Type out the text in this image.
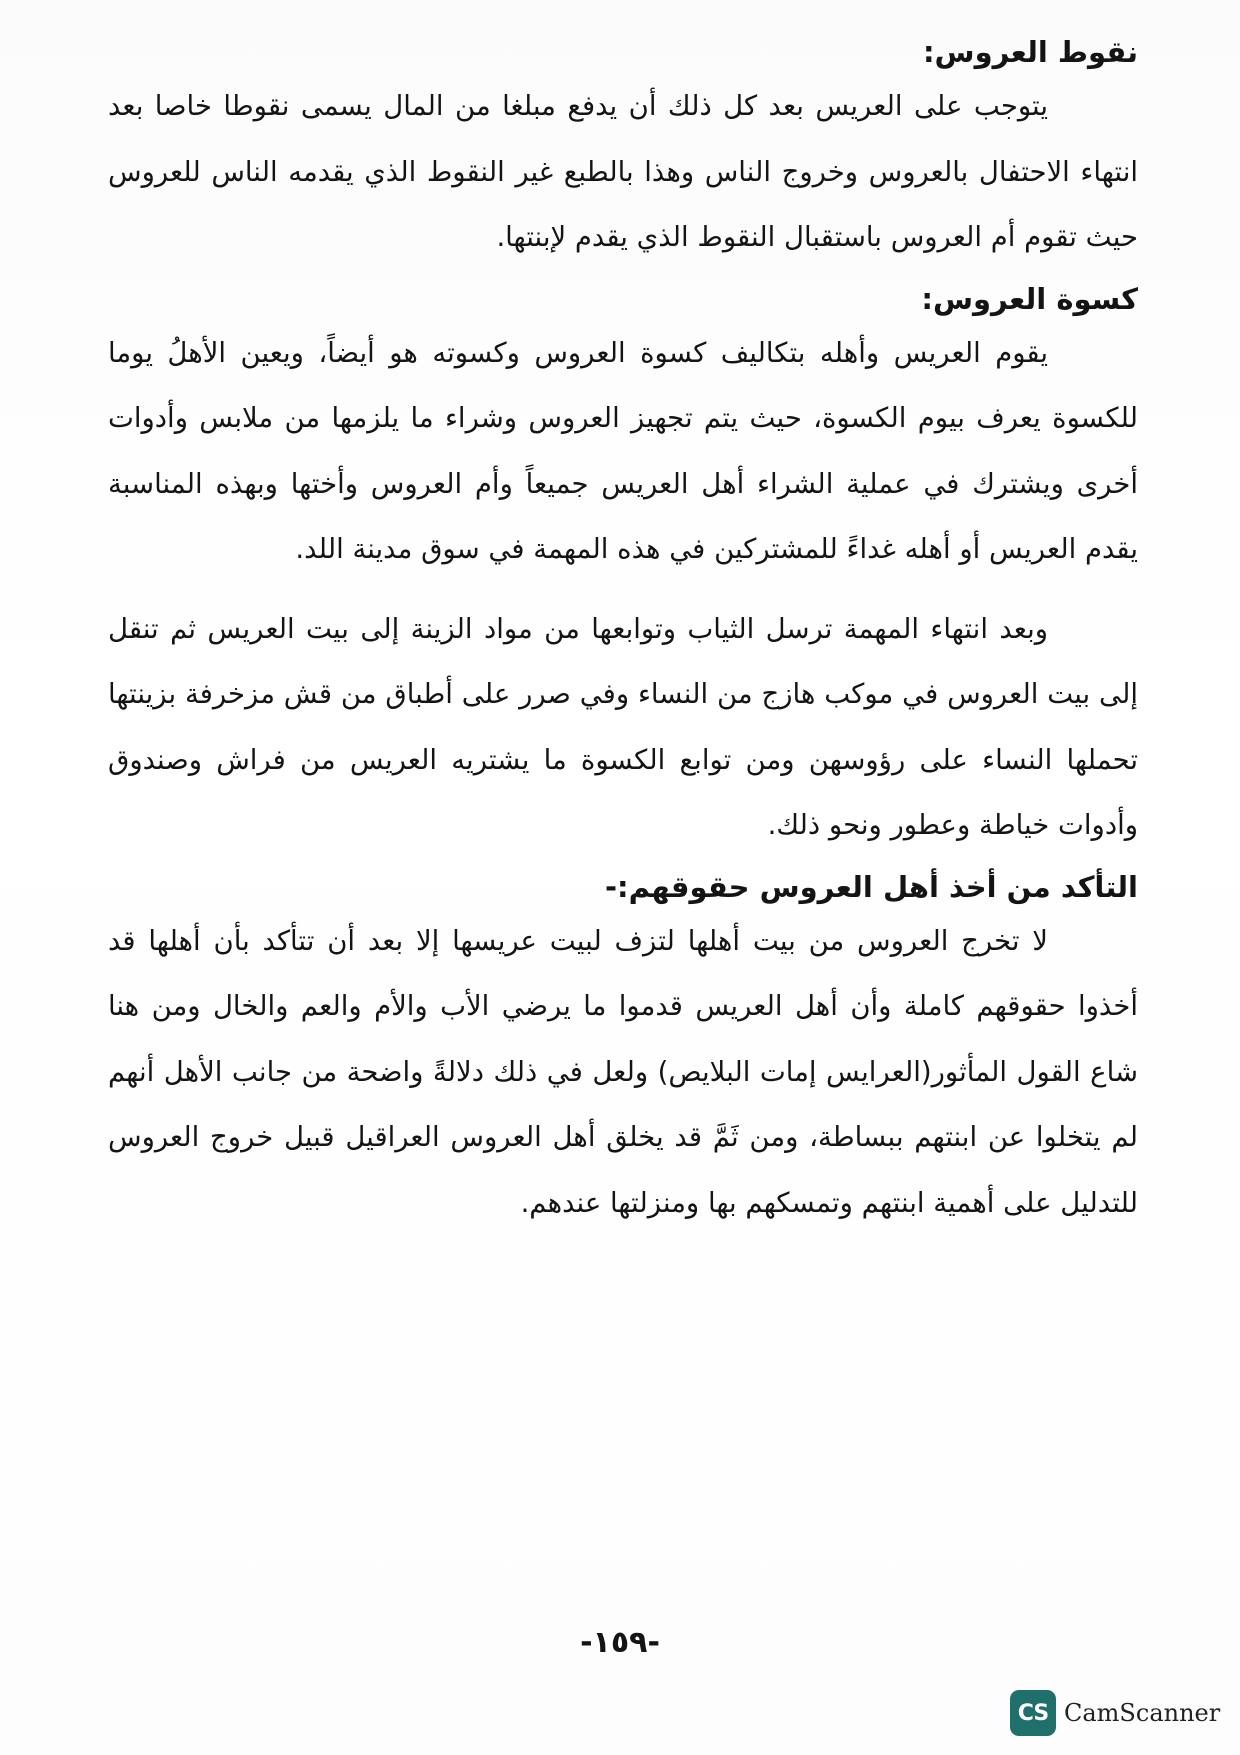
نقوط العروس:

يتوجب على العريس بعد كل ذلك أن يدفع مبلغا من المال يسمى نقوطا خاصا بعد انتهاء الاحتفال بالعروس وخروج الناس وهذا بالطبع غير النقوط الذي يقدمه الناس للعروس حيث تقوم أم العروس باستقبال النقوط الذي يقدم لإبنتها.

كسوة العروس:

يقوم العريس وأهله بتكاليف كسوة العروس وكسوته هو أيضاً، ويعين الأهلُ يوما للكسوة يعرف بيوم الكسوة، حيث يتم تجهيز العروس وشراء ما يلزمها من ملابس وأدوات أخرى ويشترك في عملية الشراء أهل العريس جميعاً وأم العروس وأختها وبهذه المناسبة يقدم العريس أو أهله غداءً للمشتركين في هذه المهمة في سوق مدينة اللد.

وبعد انتهاء المهمة ترسل الثياب وتوابعها من مواد الزينة إلى بيت العريس ثم تنقل إلى بيت العروس في موكب هازج من النساء وفي صرر على أطباق من قش مزخرفة بزينتها تحملها النساء على رؤوسهن ومن توابع الكسوة ما يشتريه العريس من فراش وصندوق وأدوات خياطة وعطور ونحو ذلك.

التأكد من أخذ أهل العروس حقوقهم:-

لا تخرج العروس من بيت أهلها لتزف لبيت عريسها إلا بعد أن تتأكد بأن أهلها قد أخذوا حقوقهم كاملة وأن أهل العريس قدموا ما يرضي الأب والأم والعم والخال ومن هنا شاع القول المأثور(العرايس إمات البلايص) ولعل في ذلك دلالةً واضحة من جانب الأهل أنهم لم يتخلوا عن ابنتهم ببساطة، ومن ثَمَّ قد يخلق أهل العروس العراقيل قبيل خروج العروس للتدليل على أهمية ابنتهم وتمسكهم بها ومنزلتها عندهم.

-١٥٩-
CS CamScanner
